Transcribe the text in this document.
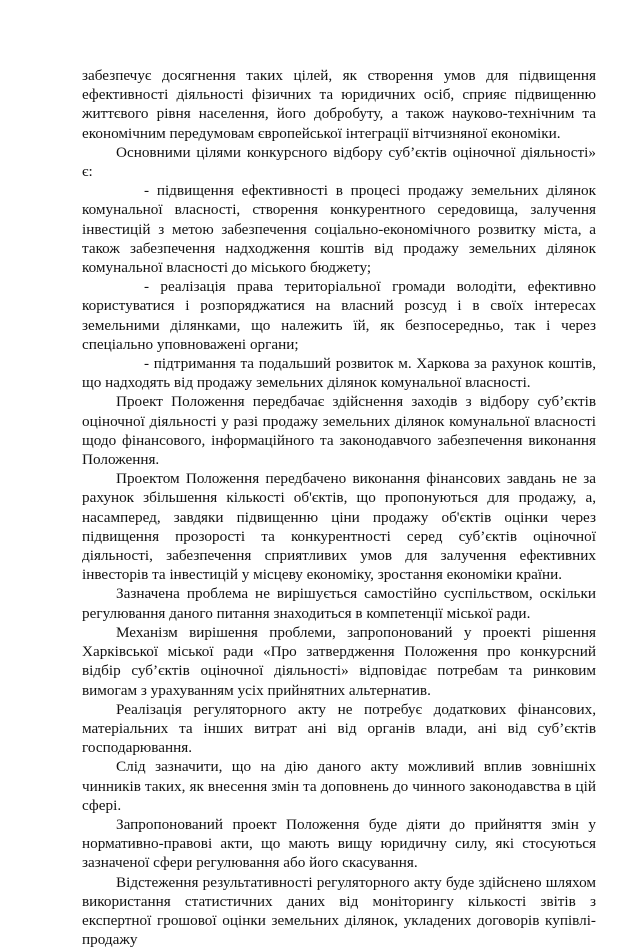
забезпечує досягнення таких цілей, як створення умов для підвищення ефективності діяльності фізичних та юридичних осіб, сприяє підвищенню життєвого рівня населення, його добробуту, а також науково-технічним та економічним передумовам європейської інтеграції вітчизняної економіки.

Основними цілями конкурсного відбору суб’єктів оціночної діяльності» є:

- підвищення ефективності в процесі продажу земельних ділянок комунальної власності, створення конкурентного середовища, залучення інвестицій з метою забезпечення соціально-економічного розвитку міста, а також забезпечення надходження коштів від продажу земельних ділянок комунальної власності до міського бюджету;

- реалізація права територіальної громади володіти, ефективно користуватися і розпоряджатися на власний розсуд і в своїх інтересах земельними ділянками, що належить їй, як безпосередньо, так і через спеціально уповноважені органи;

- підтримання та подальший розвиток м. Харкова за рахунок коштів, що надходять від продажу земельних ділянок комунальної власності.

Проект Положення передбачає здійснення заходів з відбору суб’єктів оціночної діяльності у разі продажу земельних ділянок комунальної власності щодо фінансового, інформаційного та законодавчого забезпечення виконання Положення.

Проектом Положення передбачено виконання фінансових завдань не за рахунок збільшення кількості об'єктів, що пропонуються для продажу, а, насамперед, завдяки підвищенню ціни продажу об'єктів оцінки через підвищення прозорості та конкурентності серед суб’єктів оціночної діяльності, забезпечення сприятливих умов для залучення ефективних інвесторів та інвестицій у місцеву економіку, зростання економіки країни.

Зазначена проблема не вирішується самостійно суспільством, оскільки регулювання даного питання знаходиться в компетенції міської ради.

Механізм вирішення проблеми, запропонований у проекті рішення Харківської міської ради «Про затвердження Положення про конкурсний відбір суб’єктів оціночної діяльності» відповідає потребам та ринковим вимогам з урахуванням усіх прийнятних альтернатив.

Реалізація регуляторного акту не потребує додаткових фінансових, матеріальних та інших витрат ані від органів влади, ані від суб’єктів господарювання.

Слід зазначити, що на дію даного акту можливий вплив зовнішніх чинників таких, як внесення змін та доповнень до чинного законодавства в цій сфері.

Запропонований проект Положення буде діяти до прийняття змін у нормативно-правові акти, що мають вищу юридичну силу, які стосуються зазначеної сфери регулювання або його скасування.

Відстеження результативності регуляторного акту буде здійснено шляхом використання статистичних даних від моніторингу кількості звітів з експертної грошової оцінки земельних ділянок, укладених договорів купівлі-продажу
